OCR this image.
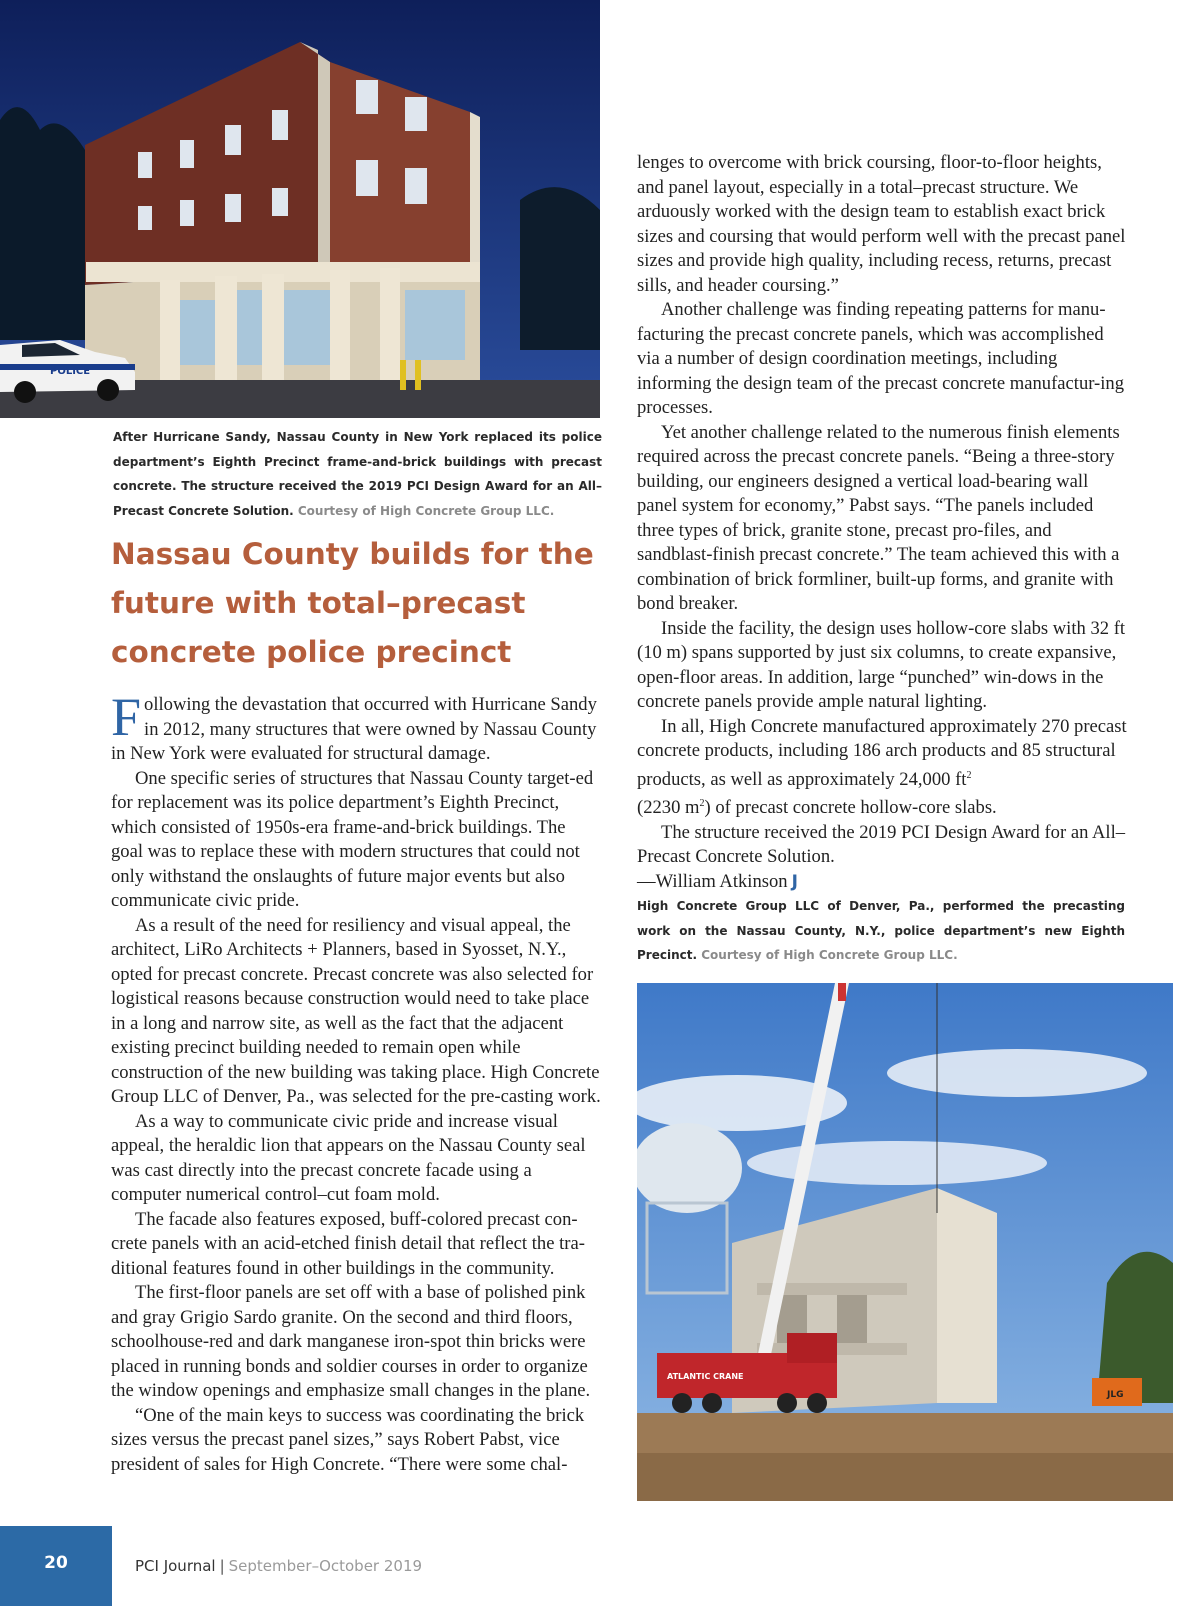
POLICE
After Hurricane Sandy, Nassau County in New York replaced its police department’s Eighth Precinct frame-and-brick buildings with precast concrete. The structure received the 2019 PCI Design Award for an All–Precast Concrete Solution. Courtesy of High Concrete Group LLC.
Nassau County builds for the future with total–precast concrete police precinct

Following the devastation that occurred with Hurricane Sandy in 2012, many structures that were owned by Nassau County in New York were evaluated for structural damage.

One specific series of structures that Nassau County target-ed for replacement was its police department’s Eighth Precinct, which consisted of 1950s-era frame-and-brick buildings. The goal was to replace these with modern structures that could not only withstand the onslaughts of future major events but also communicate civic pride.

As a result of the need for resiliency and visual appeal, the architect, LiRo Architects + Planners, based in Syosset, N.Y., opted for precast concrete. Precast concrete was also selected for logistical reasons because construction would need to take place in a long and narrow site, as well as the fact that the adjacent existing precinct building needed to remain open while construction of the new building was taking place. High Concrete Group LLC of Denver, Pa., was selected for the pre-casting work.

As a way to communicate civic pride and increase visual appeal, the heraldic lion that appears on the Nassau County seal was cast directly into the precast concrete facade using a computer numerical control–cut foam mold.

The facade also features exposed, buff-colored precast con-crete panels with an acid-etched finish detail that reflect the tra-ditional features found in other buildings in the community.

The first-floor panels are set off with a base of polished pink and gray Grigio Sardo granite. On the second and third floors, schoolhouse-red and dark manganese iron-spot thin bricks were placed in running bonds and soldier courses in order to organize the window openings and emphasize small changes in the plane.

“One of the main keys to success was coordinating the brick sizes versus the precast panel sizes,” says Robert Pabst, vice president of sales for High Concrete. “There were some chal-

lenges to overcome with brick coursing, floor-to-floor heights, and panel layout, especially in a total–precast structure. We arduously worked with the design team to establish exact brick sizes and coursing that would perform well with the precast panel sizes and provide high quality, including recess, returns, precast sills, and header coursing.”

Another challenge was finding repeating patterns for manu-facturing the precast concrete panels, which was accomplished via a number of design coordination meetings, including informing the design team of the precast concrete manufactur-ing processes.

Yet another challenge related to the numerous finish elements required across the precast concrete panels. “Being a three-story building, our engineers designed a vertical load-bearing wall panel system for economy,” Pabst says. “The panels included three types of brick, granite stone, precast pro-files, and sandblast-finish precast concrete.” The team achieved this with a combination of brick formliner, built-up forms, and granite with bond breaker.

Inside the facility, the design uses hollow-core slabs with 32 ft (10 m) spans supported by just six columns, to create expansive, open-floor areas. In addition, large “punched” win-dows in the concrete panels provide ample natural lighting.

In all, High Concrete manufactured approximately 270 precast concrete products, including 186 arch products and 85 structural products, as well as approximately 24,000 $ft^2$
(2230 $m^2$) of precast concrete hollow-core slabs.

The structure received the 2019 PCI Design Award for an All–Precast Concrete Solution.

—William Atkinson J

High Concrete Group LLC of Denver, Pa., performed the precasting work on the Nassau County, N.Y., police department’s new Eighth Precinct. Courtesy of High Concrete Group LLC.
ATLANTIC CRANE
JLG
20	PCI Journal | September–October 2019
